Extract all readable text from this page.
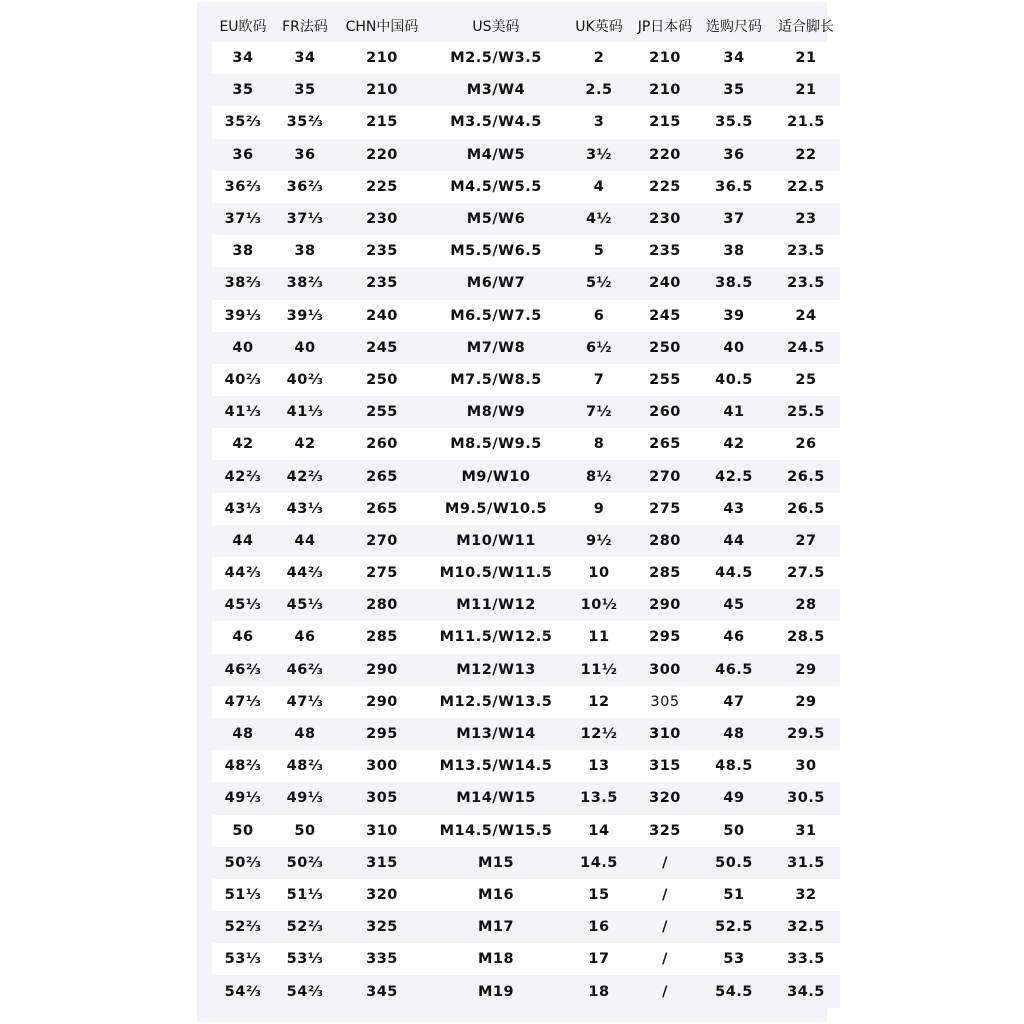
EU欧码	FR法码	CHN中国码	US美码	UK英码	JP日本码	选购尺码	适合脚长
34	34	210	M2.5/W3.5	2	210	34	21
35	35	210	M3/W4	2.5	210	35	21
35⅔	35⅔	215	M3.5/W4.5	3	215	35.5	21.5
36	36	220	M4/W5	3½	220	36	22
36⅔	36⅔	225	M4.5/W5.5	4	225	36.5	22.5
37⅓	37⅓	230	M5/W6	4½	230	37	23
38	38	235	M5.5/W6.5	5	235	38	23.5
38⅔	38⅔	235	M6/W7	5½	240	38.5	23.5
39⅓	39⅓	240	M6.5/W7.5	6	245	39	24
40	40	245	M7/W8	6½	250	40	24.5
40⅔	40⅔	250	M7.5/W8.5	7	255	40.5	25
41⅓	41⅓	255	M8/W9	7½	260	41	25.5
42	42	260	M8.5/W9.5	8	265	42	26
42⅔	42⅔	265	M9/W10	8½	270	42.5	26.5
43⅓	43⅓	265	M9.5/W10.5	9	275	43	26.5
44	44	270	M10/W11	9½	280	44	27
44⅔	44⅔	275	M10.5/W11.5	10	285	44.5	27.5
45⅓	45⅓	280	M11/W12	10½	290	45	28
46	46	285	M11.5/W12.5	11	295	46	28.5
46⅔	46⅔	290	M12/W13	11½	300	46.5	29
47⅓	47⅓	290	M12.5/W13.5	12	305	47	29
48	48	295	M13/W14	12½	310	48	29.5
48⅔	48⅔	300	M13.5/W14.5	13	315	48.5	30
49⅓	49⅓	305	M14/W15	13.5	320	49	30.5
50	50	310	M14.5/W15.5	14	325	50	31
50⅔	50⅔	315	M15	14.5	/	50.5	31.5
51⅓	51⅓	320	M16	15	/	51	32
52⅔	52⅔	325	M17	16	/	52.5	32.5
53⅓	53⅓	335	M18	17	/	53	33.5
54⅔	54⅔	345	M19	18	/	54.5	34.5
